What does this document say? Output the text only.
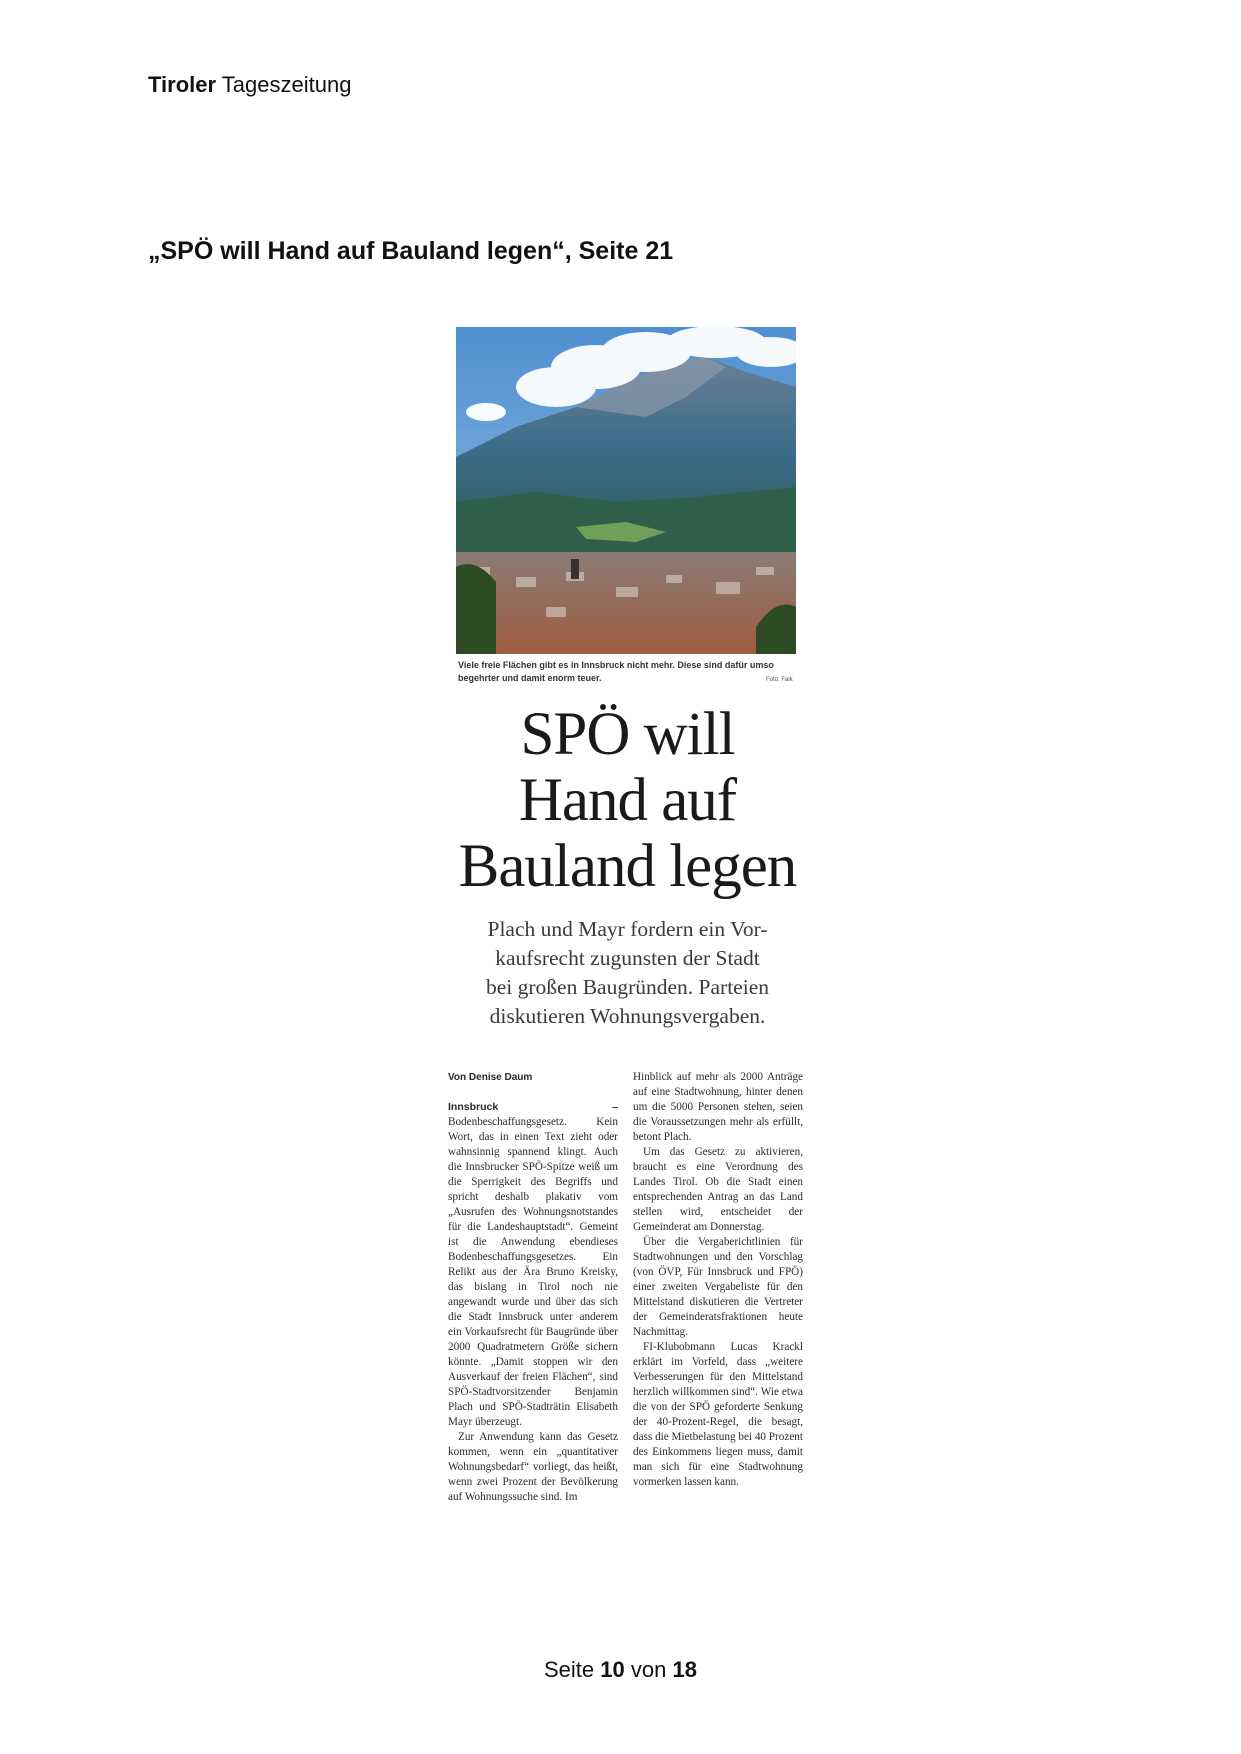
Tiroler Tageszeitung
„SPÖ will Hand auf Bauland legen“, Seite 21
Viele freie Flächen gibt es in Innsbruck nicht mehr. Diese sind dafür umso begehrter und damit enorm teuer.	Foto: Falk
SPÖ will
Hand auf
Bauland legen
Plach und Mayr fordern ein Vor-
kaufsrecht zugunsten der Stadt
bei großen Baugründen. Parteien
diskutieren Wohnungsvergaben.

Von Denise Daum

Innsbruck – Bodenbeschaffungsgesetz. Kein Wort, das in einen Text zieht oder wahnsinnig spannend klingt. Auch die Innsbrucker SPÖ-Spitze weiß um die Sperrigkeit des Begriffs und spricht deshalb plakativ vom „Ausrufen des Wohnungsnotstandes für die Landeshauptstadt“. Gemeint ist die Anwendung ebendieses Bodenbeschaffungsgesetzes. Ein Relikt aus der Ära Bruno Kreisky, das bislang in Tirol noch nie angewandt wurde und über das sich die Stadt Innsbruck unter anderem ein Vorkaufsrecht für Baugründe über 2000 Quadratmetern Größe sichern könnte. „Damit stoppen wir den Ausverkauf der freien Flächen“, sind SPÖ-Stadtvorsitzender Benjamin Plach und SPÖ-Stadträtin Elisabeth Mayr überzeugt.

Zur Anwendung kann das Gesetz kommen, wenn ein „quantitativer Wohnungsbedarf“ vorliegt, das heißt, wenn zwei Prozent der Bevölkerung auf Wohnungssuche sind. Im

Hinblick auf mehr als 2000 Anträge auf eine Stadtwohnung, hinter denen um die 5000 Personen stehen, seien die Voraussetzungen mehr als erfüllt, betont Plach.

Um das Gesetz zu aktivieren, braucht es eine Verordnung des Landes Tirol. Ob die Stadt einen entsprechenden Antrag an das Land stellen wird, entscheidet der Gemeinderat am Donnerstag.

Über die Vergaberichtlinien für Stadtwohnungen und den Vorschlag (von ÖVP, Für Innsbruck und FPÖ) einer zweiten Vergabeliste für den Mittelstand diskutieren die Vertreter der Gemeinderatsfraktionen heute Nachmittag.

FI-Klubobmann Lucas Krackl erklärt im Vorfeld, dass „weitere Verbesserungen für den Mittelstand herzlich willkommen sind“. Wie etwa die von der SPÖ geforderte Senkung der 40-Prozent-Regel, die besagt, dass die Mietbelastung bei 40 Prozent des Einkommens liegen muss, damit man sich für eine Stadtwohnung vormerken lassen kann.

Seite 10 von 18
